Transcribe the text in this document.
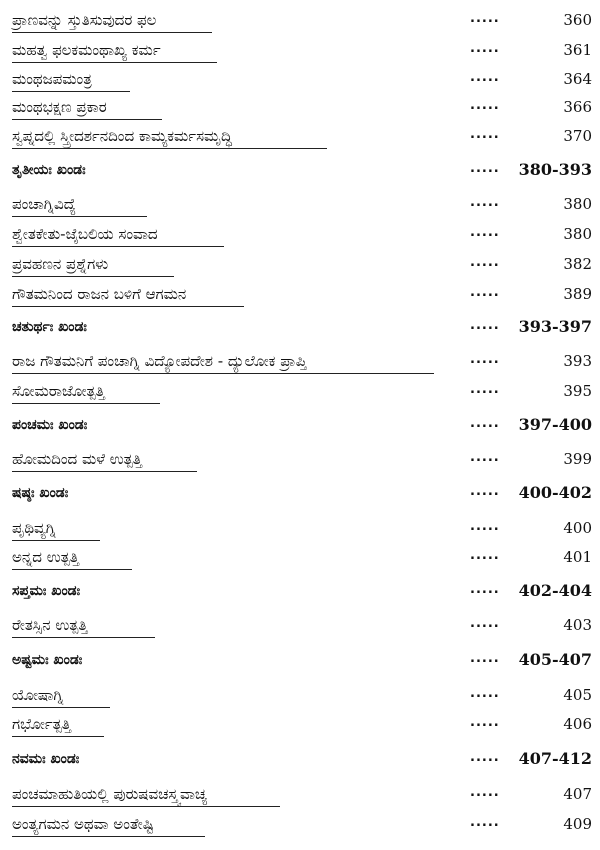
ಪ್ರಾಣವನ್ನು ಸ್ತುತಿಸುವುದರ ಫಲ	.....	360
ಮಹತ್ವ ಫಲಕಮಂಥಾಖ್ಯ ಕರ್ಮ	.....	361
ಮಂಥಜಪಮಂತ್ರ	.....	364
ಮಂಥಭಕ್ಷಣ ಪ್ರಕಾರ	.....	366
ಸ್ವಪ್ನದಲ್ಲಿ ಸ್ತ್ರೀದರ್ಶನದಿಂದ ಕಾಮ್ಯಕರ್ಮಸಮೃದ್ಧಿ	.....	370
ತೃತೀಯಃ ಖಂಡಃ	..... 380-393
ಪಂಚಾಗ್ನಿವಿದ್ಯೆ	.....	380
ಶ್ವೇತಕೇತು-ಜೈಬಲಿಯ ಸಂವಾದ	.....	380
ಪ್ರವಹಣನ ಪ್ರಶ್ನೆಗಳು	.....	382
ಗೌತಮನಿಂದ ರಾಜನ ಬಳಿಗೆ ಆಗಮನ	.....	389
ಚತುರ್ಥಃ ಖಂಡಃ	..... 393-397
ರಾಜ ಗೌತಮನಿಗೆ ಪಂಚಾಗ್ನಿ ವಿದ್ಯೋಪದೇಶ - ದ್ಯುಲೋಕ ಪ್ರಾಪ್ತಿ	.....	393
ಸೋಮರಾಜೋತ್ಪತ್ತಿ	.....	395
ಪಂಚಮಃ ಖಂಡಃ	..... 397-400
ಹೋಮದಿಂದ ಮಳೆ ಉತ್ಪತ್ತಿ	.....	399
ಷಷ್ಠಃ ಖಂಡಃ	..... 400-402
ಪೃಥಿವ್ಯಗ್ನಿ	.....	400
ಅನ್ನದ ಉತ್ಪತ್ತಿ	.....	401
ಸಪ್ತಮಃ ಖಂಡಃ	..... 402-404
ರೇತಸ್ಸಿನ ಉತ್ಪತ್ತಿ	.....	403
ಅಷ್ಟಮಃ ಖಂಡಃ	..... 405-407
ಯೋಷಾಗ್ನಿ	.....	405
ಗರ್ಭೋತ್ಪತ್ತಿ	.....	406
ನವಮಃ ಖಂಡಃ	..... 407-412
ಪಂಚಮಾಹುತಿಯಲ್ಲಿ ಪುರುಷವಚಸ್ತ್ವವಾಚ್ಯ	.....	407
ಅಂತ್ಯಗಮನ ಅಥವಾ ಅಂತೇಷ್ಟಿ	.....	409
